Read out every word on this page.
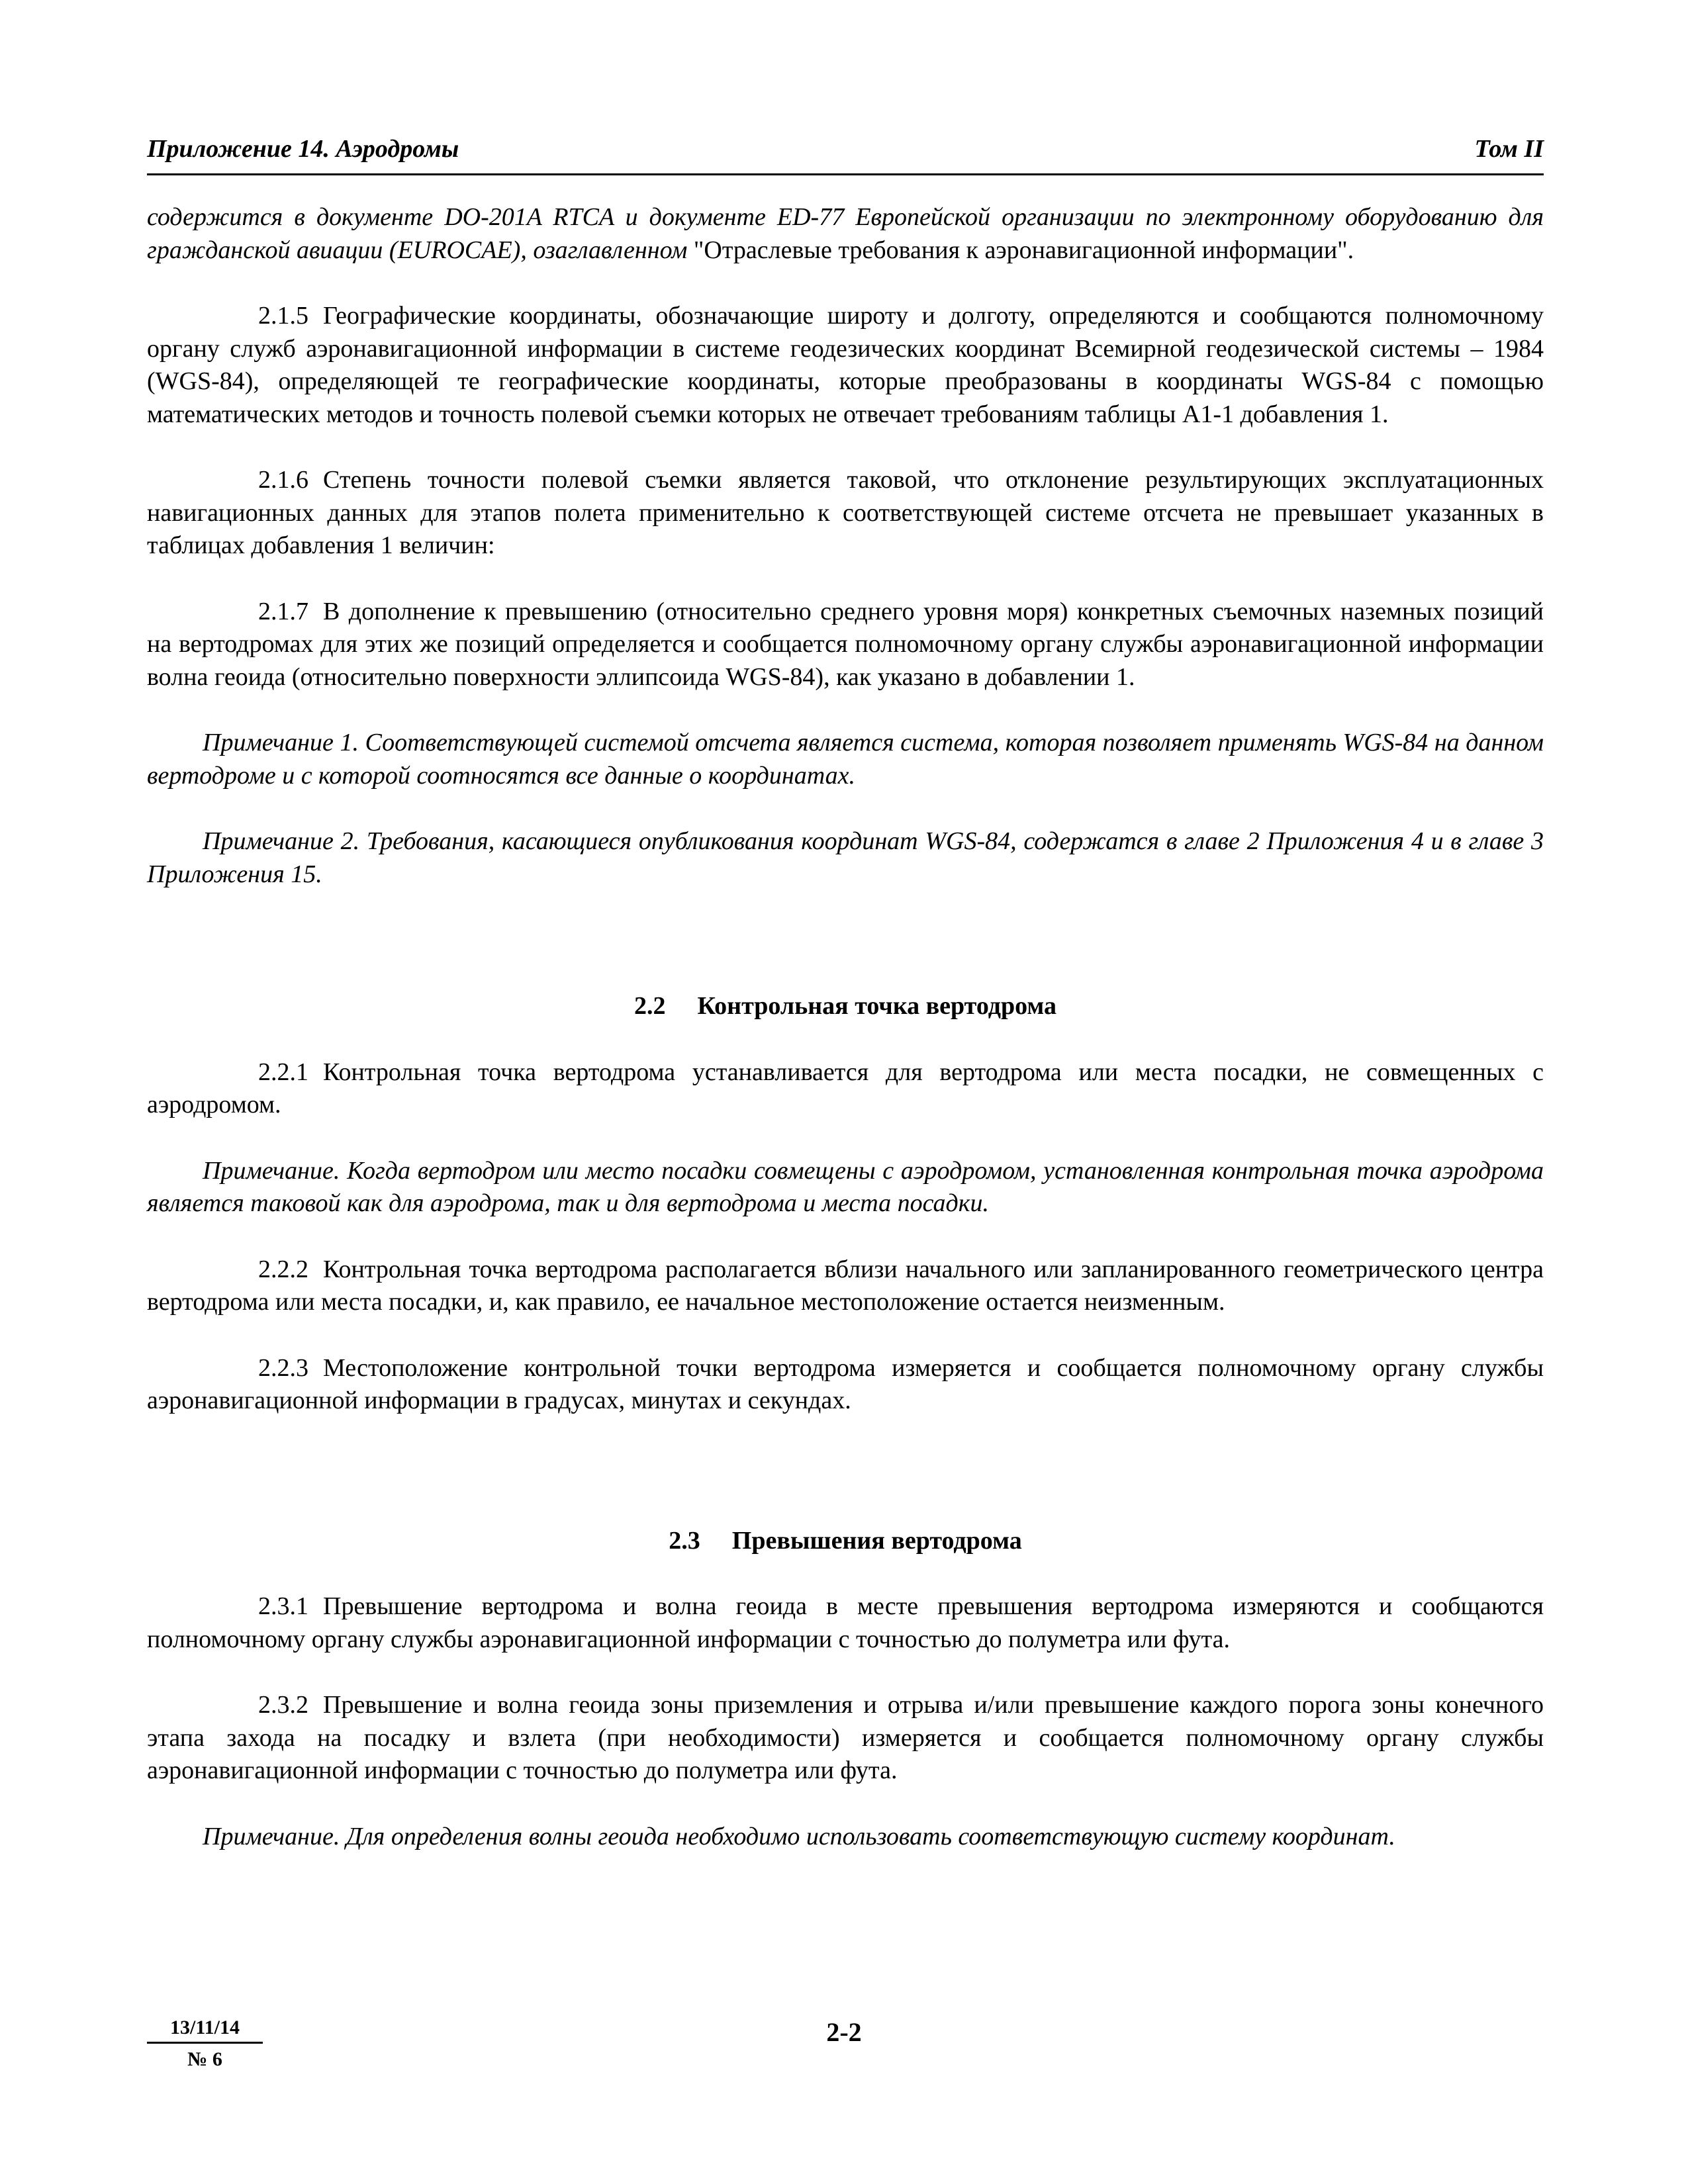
Приложение 14. Аэродромы	Том II

содержится в документе DO-201A RTCA и документе ED-77 Европейской организации по электронному оборудованию для гражданской авиации (EUROCAE), озаглавленном "Отраслевые требования к аэронавигационной информации".

2.1.5 Географические координаты, обозначающие широту и долготу, определяются и сообщаются полномочному органу служб аэронавигационной информации в системе геодезических координат Всемирной геодезической системы – 1984 (WGS-84), определяющей те географические координаты, которые преобразованы в координаты WGS-84 с помощью математических методов и точность полевой съемки которых не отвечает требованиям таблицы А1-1 добавления 1.

2.1.6 Степень точности полевой съемки является таковой, что отклонение результирующих эксплуатационных навигационных данных для этапов полета применительно к соответствующей системе отсчета не превышает указанных в таблицах добавления 1 величин:

2.1.7 В дополнение к превышению (относительно среднего уровня моря) конкретных съемочных наземных позиций на вертодромах для этих же позиций определяется и сообщается полномочному органу службы аэронавигационной информации волна геоида (относительно поверхности эллипсоида WGS-84), как указано в добавлении 1.

Примечание 1. Соответствующей системой отсчета является система, которая позволяет применять WGS-84 на данном вертодроме и с которой соотносятся все данные о координатах.

Примечание 2. Требования, касающиеся опубликования координат WGS-84, содержатся в главе 2 Приложения 4 и в главе 3 Приложения 15.

2.2 Контрольная точка вертодрома

2.2.1 Контрольная точка вертодрома устанавливается для вертодрома или места посадки, не совмещенных с аэродромом.

Примечание. Когда вертодром или место посадки совмещены с аэродромом, установленная контрольная точка аэродрома является таковой как для аэродрома, так и для вертодрома и места посадки.

2.2.2 Контрольная точка вертодрома располагается вблизи начального или запланированного геометрического центра вертодрома или места посадки, и, как правило, ее начальное местоположение остается неизменным.

2.2.3 Местоположение контрольной точки вертодрома измеряется и сообщается полномочному органу службы аэронавигационной информации в градусах, минутах и секундах.

2.3 Превышения вертодрома

2.3.1 Превышение вертодрома и волна геоида в месте превышения вертодрома измеряются и сообщаются полномочному органу службы аэронавигационной информации с точностью до полуметра или фута.

2.3.2 Превышение и волна геоида зоны приземления и отрыва и/или превышение каждого порога зоны конечного этапа захода на посадку и взлета (при необходимости) измеряется и сообщается полномочному органу службы аэронавигационной информации с точностью до полуметра или фута.

Примечание. Для определения волны геоида необходимо использовать соответствующую систему координат.

13/11/14
№ 6
2-2
